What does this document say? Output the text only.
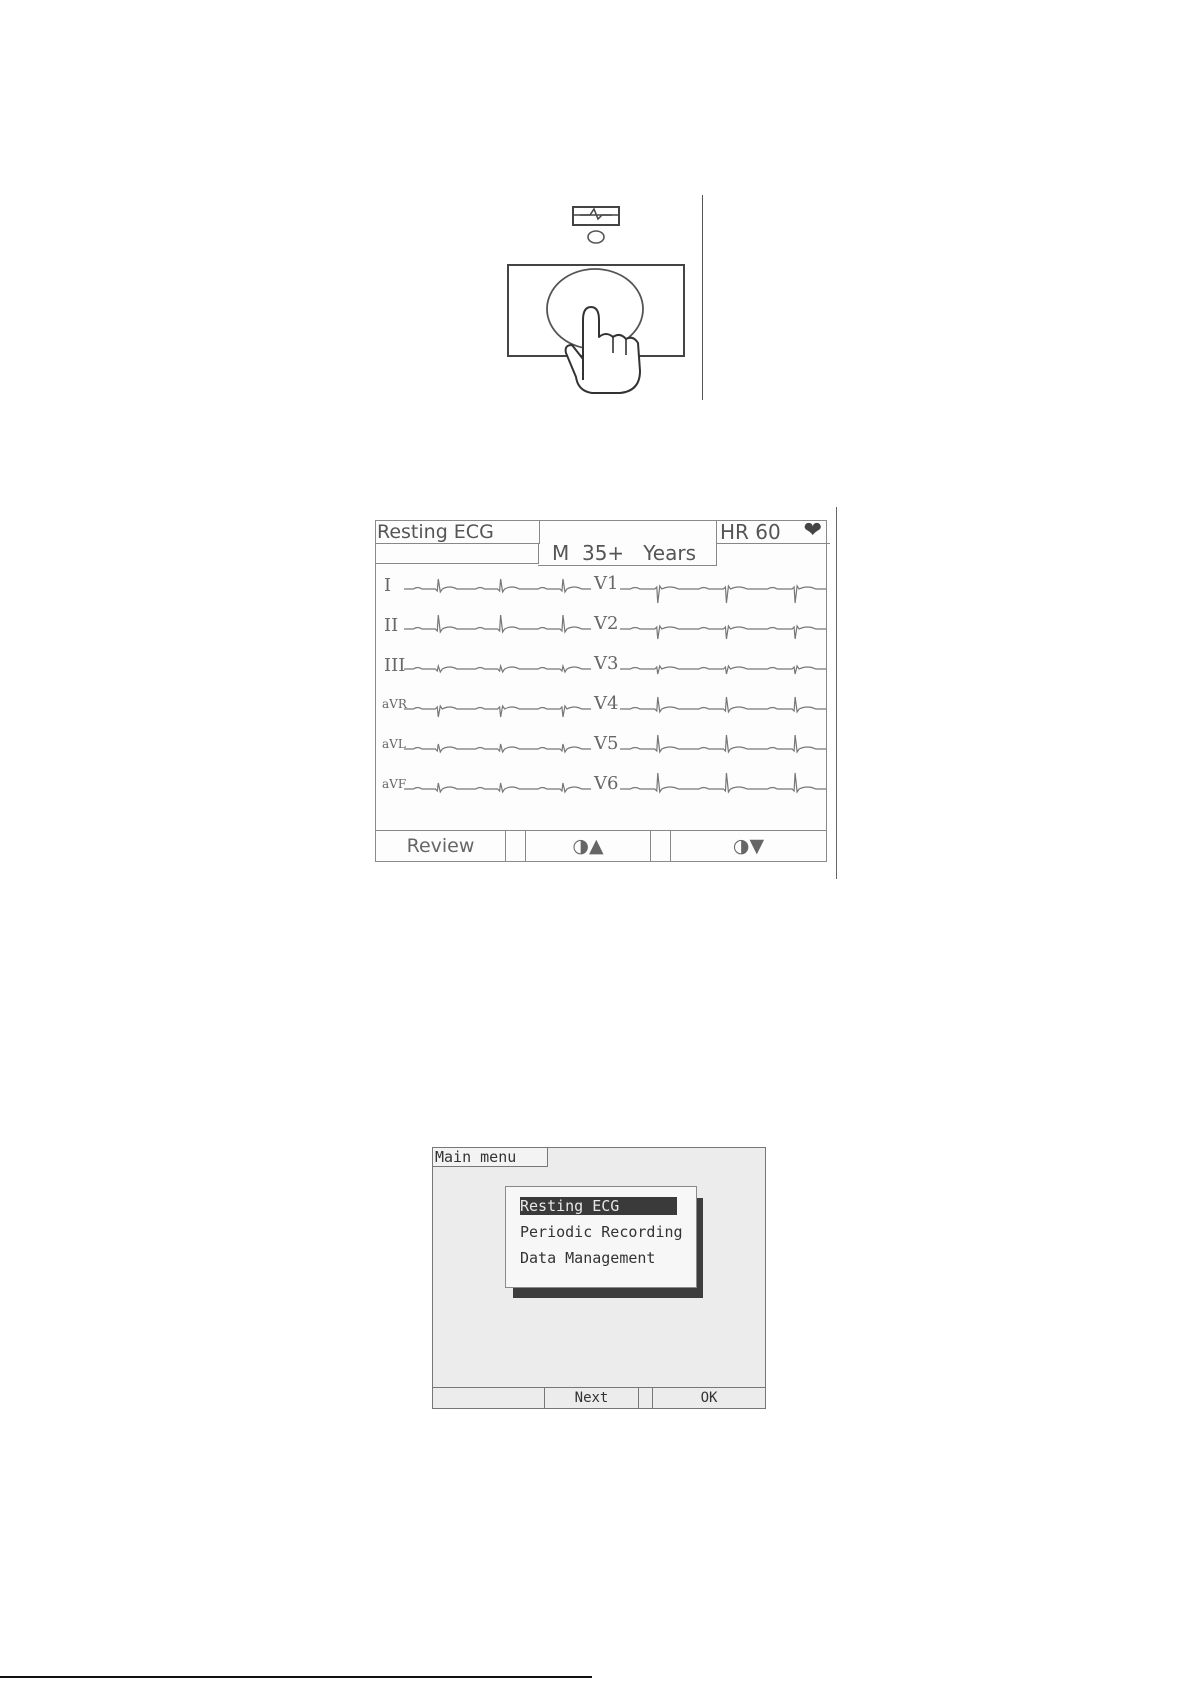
Resting ECG
M  35+   Years
HR 60 ❤
I
II
III
aVR
aVL
aVF
V1
V2
V3
V4
V5
V6
Review	◑▲	◑▼
Main menu
Resting ECG
Periodic Recording
Data Management
Next	OK
